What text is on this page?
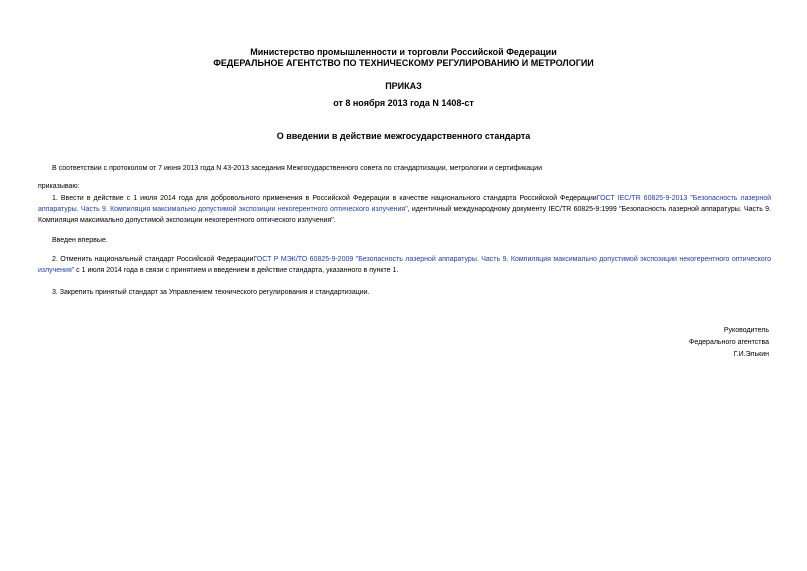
Министерство промышленности и торговли Российской Федерации
ФЕДЕРАЛЬНОЕ АГЕНТСТВО ПО ТЕХНИЧЕСКОМУ РЕГУЛИРОВАНИЮ И МЕТРОЛОГИИ
ПРИКАЗ
от 8 ноября 2013 года N 1408-ст
О введении в действие межгосударственного стандарта
В соответствии с протоколом от 7 июня 2013 года N 43-2013 заседания Межгосударственного совета по стандартизации, метрологии и сертификации
приказываю:
1. Ввести в действие с 1 июля 2014 года для добровольного применения в Российской Федерации в качестве национального стандарта Российской ФедерацииГОСТ IEC/TR 60825-9-2013 "Безопасность лазерной аппаратуры. Часть 9. Компиляция максимально допустимой экспозиции некогерентного оптического излучения", идентичный международному документу IEC/TR 60825-9:1999 "Безопасность лазерной аппаратуры. Часть 9. Компиляция максимально допустимой экспозиции некогерентного оптического излучения".
Введен впервые.
2. Отменить национальный стандарт Российской ФедерацииГОСТ Р МЭК/ТО 60825-9-2009 "Безопасность лазерной аппаратуры. Часть 9. Компиляция максимально допустимой экспозиции некогерентного оптического излучения" с 1 июля 2014 года в связи с принятием и введением в действие стандарта, указанного в пункте 1.
3. Закрепить принятый стандарт за Управлением технического регулирования и стандартизации.
Руководитель
Федерального агентства
Г.И.Элькин
